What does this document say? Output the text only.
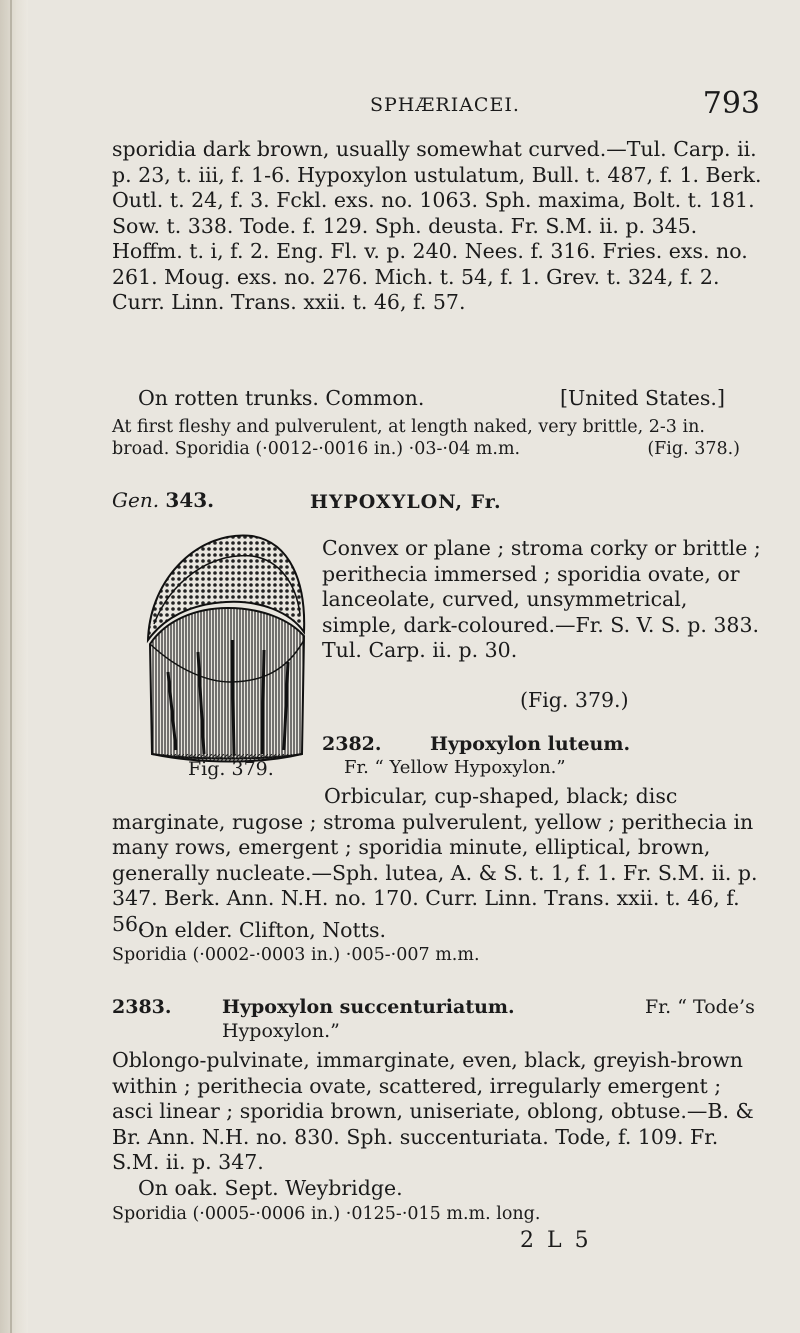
SPHÆRIACEI.	793

sporidia dark brown, usually somewhat curved.—Tul. Carp. ii. p. 23, t. iii, f. 1-6. Hypoxylon ustulatum, Bull. t. 487, f. 1. Berk. Outl. t. 24, f. 3. Fckl. exs. no. 1063. Sph. maxima, Bolt. t. 181. Sow. t. 338. Tode. f. 129. Sph. deusta. Fr. S.M. ii. p. 345. Hoffm. t. i, f. 2. Eng. Fl. v. p. 240. Nees. f. 316. Fries. exs. no. 261. Moug. exs. no. 276. Mich. t. 54, f. 1. Grev. t. 324, f. 2. Curr. Linn. Trans. xxii. t. 46, f. 57.

On rotten trunks. Common.	[United States.]

At first fleshy and pulverulent, at length naked, very brittle, 2-3 in. broad. Sporidia (·0012-·0016 in.) ·03-·04 m.m.	(Fig. 378.)

Gen. 343.	HYPOXYLON, Fr.
Fig. 379.

Convex or plane ; stroma corky or brittle ; perithecia immersed ; sporidia ovate, or lanceolate, curved, unsymmetrical, simple, dark-coloured.—Fr. S. V. S. p. 383. Tul. Carp. ii. p. 30.

(Fig. 379.)
2382.	Hypoxylon luteum.
Fr. “ Yellow Hypoxylon.”

Orbicular, cup-shaped, black; disc marginate, rugose ; stroma pulverulent, yellow ; perithecia in many rows, emergent ; sporidia minute, elliptical, brown, generally nucleate.—Sph. lutea, A. & S. t. 1, f. 1. Fr. S.M. ii. p. 347. Berk. Ann. N.H. no. 170. Curr. Linn. Trans. xxii. t. 46, f. 56.

On elder. Clifton, Notts.

Sporidia (·0002-·0003 in.) ·005-·007 m.m.

2383.	Hypoxylon succenturiatum.	Fr. “ Tode’s
Hypoxylon.”

Oblongo-pulvinate, immarginate, even, black, greyish-brown within ; perithecia ovate, scattered, irregularly emergent ; asci linear ; sporidia brown, uniseriate, oblong, obtuse.—B. & Br. Ann. N.H. no. 830. Sph. succenturiata. Tode, f. 109. Fr. S.M. ii. p. 347.

On oak. Sept. Weybridge.

Sporidia (·0005-·0006 in.) ·0125-·015 m.m. long.

2 L 5
